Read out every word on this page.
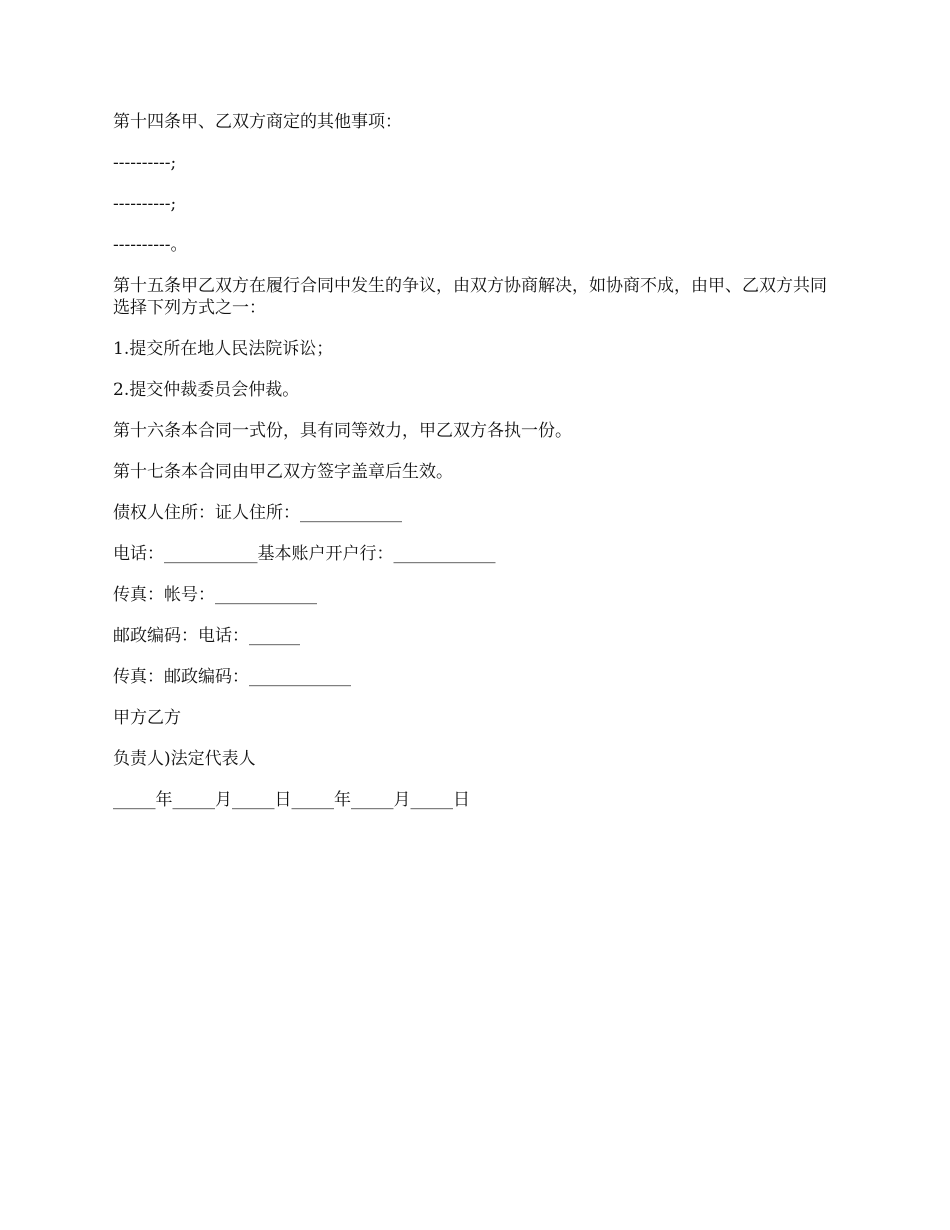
第十四条甲、乙双方商定的其他事项：

----------;

----------;

----------。

第十五条甲乙双方在履行合同中发生的争议，由双方协商解决，如协商不成，由甲、乙双方共同选择下列方式之一：

1.提交所在地人民法院诉讼；

2.提交仲裁委员会仲裁。

第十六条本合同一式份，具有同等效力，甲乙双方各执一份。

第十七条本合同由甲乙双方签字盖章后生效。

债权人住所：证人住所：____________

电话：___________基本账户开户行：____________

传真：帐号：____________

邮政编码：电话：______

传真：邮政编码：____________

甲方乙方

负责人)法定代表人

_____年_____月_____日_____年_____月_____日
